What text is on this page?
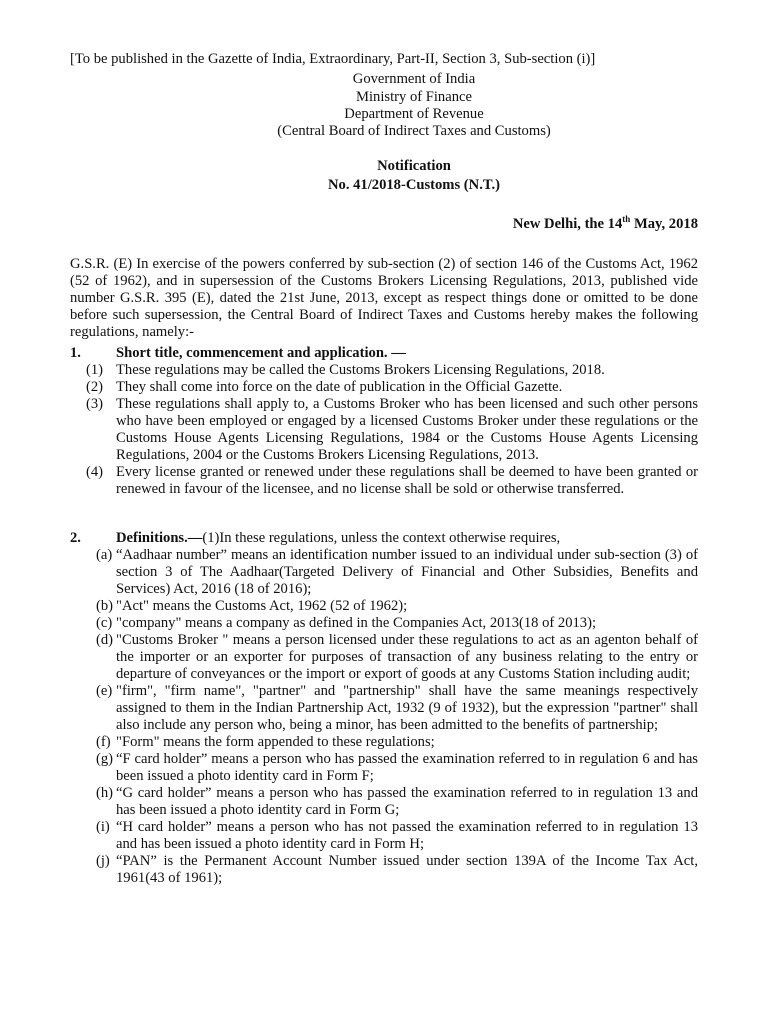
[To be published in the Gazette of India, Extraordinary, Part-II, Section 3, Sub-section (i)]
Government of India
Ministry of Finance
Department of Revenue
(Central Board of Indirect Taxes and Customs)
Notification
No. 41/2018-Customs (N.T.)
New Delhi, the 14th May, 2018
G.S.R. (E) In exercise of the powers conferred by sub-section (2) of section 146 of the Customs Act, 1962 (52 of 1962), and in supersession of the Customs Brokers Licensing Regulations, 2013, published vide number G.S.R. 395 (E), dated the 21st June, 2013, except as respect things done or omitted to be done before such supersession, the Central Board of Indirect Taxes and Customs hereby makes the following regulations, namely:-
1. Short title, commencement and application. —
(1) These regulations may be called the Customs Brokers Licensing Regulations, 2018.
(2) They shall come into force on the date of publication in the Official Gazette.
(3) These regulations shall apply to, a Customs Broker who has been licensed and such other persons who have been employed or engaged by a licensed Customs Broker under these regulations or the Customs House Agents Licensing Regulations, 1984 or the Customs House Agents Licensing Regulations, 2004 or the Customs Brokers Licensing Regulations, 2013.
(4) Every license granted or renewed under these regulations shall be deemed to have been granted or renewed in favour of the licensee, and no license shall be sold or otherwise transferred.
2. Definitions.—(1)In these regulations, unless the context otherwise requires,
(a) “Aadhaar number” means an identification number issued to an individual under sub-section (3) of section 3 of The Aadhaar(Targeted Delivery of Financial and Other Subsidies, Benefits and Services) Act, 2016 (18 of 2016);
(b) "Act" means the Customs Act, 1962 (52 of 1962);
(c) "company" means a company as defined in the Companies Act, 2013(18 of 2013);
(d) "Customs Broker " means a person licensed under these regulations to act as an agenton behalf of the importer or an exporter for purposes of transaction of any business relating to the entry or departure of conveyances or the import or export of goods at any Customs Station including audit;
(e) "firm", "firm name", "partner" and "partnership" shall have the same meanings respectively assigned to them in the Indian Partnership Act, 1932 (9 of 1932), but the expression "partner" shall also include any person who, being a minor, has been admitted to the benefits of partnership;
(f) "Form" means the form appended to these regulations;
(g) “F card holder” means a person who has passed the examination referred to in regulation 6 and has been issued a photo identity card in Form F;
(h) “G card holder” means a person who has passed the examination referred to in regulation 13 and has been issued a photo identity card in Form G;
(i) “H card holder” means a person who has not passed the examination referred to in regulation 13 and has been issued a photo identity card in Form H;
(j) “PAN” is the Permanent Account Number issued under section 139A of the Income Tax Act, 1961(43 of 1961);
